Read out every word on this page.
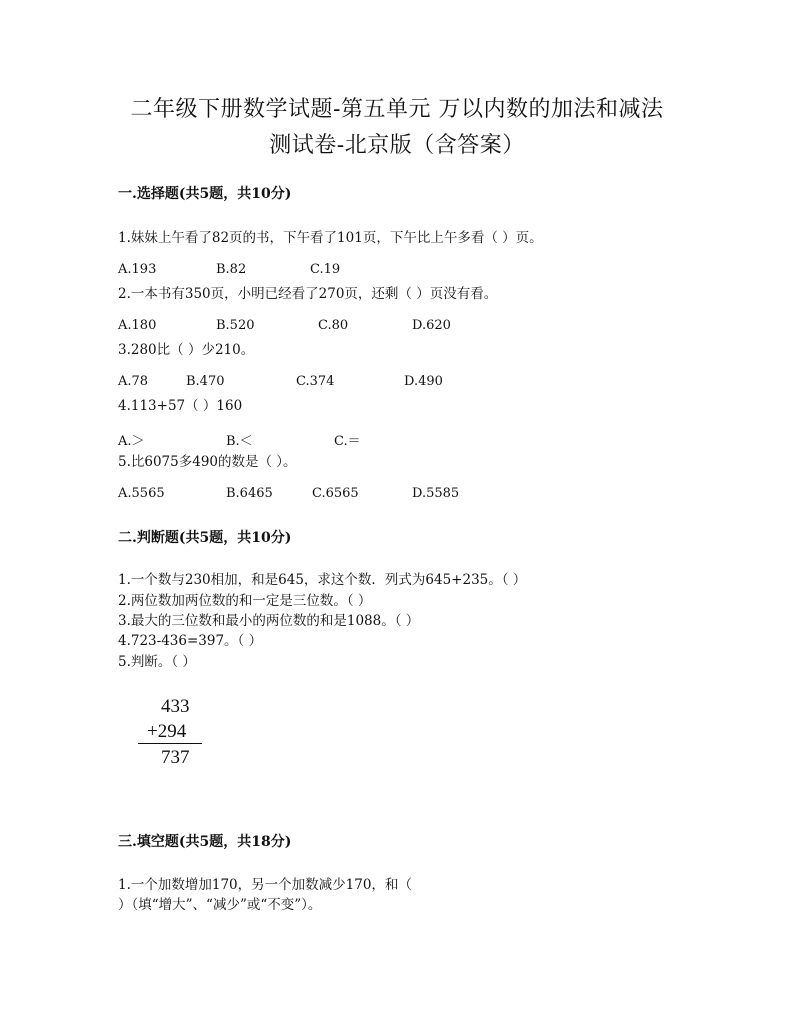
二年级下册数学试题-第五单元 万以内数的加法和减法
测试卷-北京版（含答案）
一.选择题(共5题，共10分)
1.妹妹上午看了82页的书，下午看了101页，下午比上午多看（ ）页。
A.193	B.82	C.19
2.一本书有350页，小明已经看了270页，还剩（ ）页没有看。
A.180	B.520	C.80	D.620
3.280比（ ）少210。
A.78	B.470	C.374	D.490
4.113+57（ ）160
A.＞	B.＜	C.＝
5.比6075多490的数是（ ）。
A.5565	B.6465	C.6565	D.5585
二.判断题(共5题，共10分)
1.一个数与230相加，和是645，求这个数．列式为645+235。（ ）
2.两位数加两位数的和一定是三位数。（ ）
3.最大的三位数和最小的两位数的和是1088。（ ）
4.723-436=397。（ ）
5.判断。（ ）
433
+294
737
三.填空题(共5题，共18分)
1.一个加数增加170，另一个加数减少170，和（
）（填“增大”、“减少”或“不变”）。
